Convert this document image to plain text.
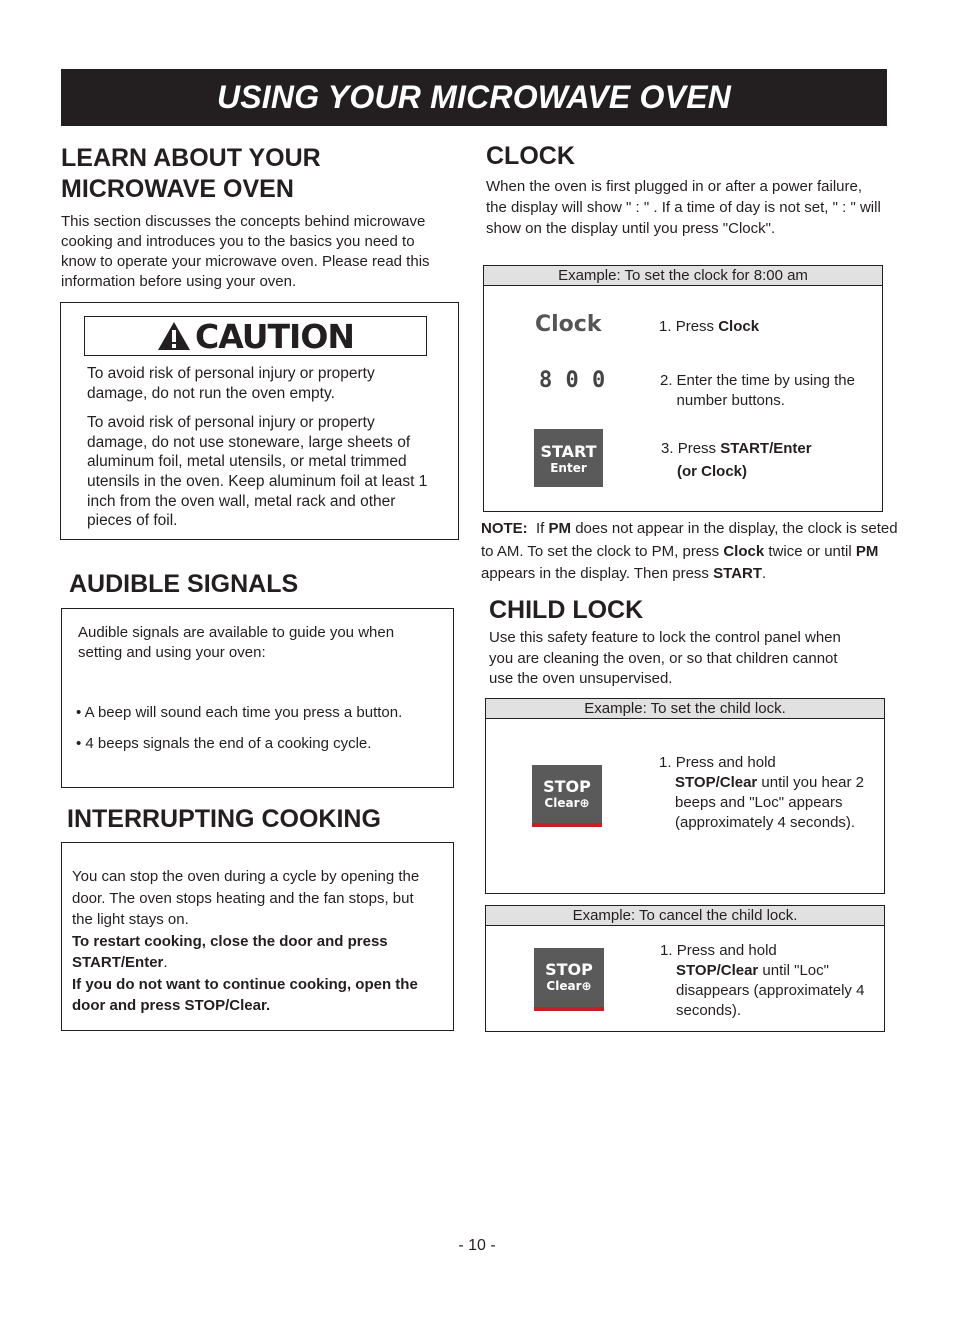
USING YOUR MICROWAVE OVEN
LEARN ABOUT YOUR
MICROWAVE OVEN
This section discusses the concepts behind microwave cooking and introduces you to the basics you need to know to operate your microwave oven. Please read this information before using your oven.
CAUTION
To avoid risk of personal injury or property damage, do not run the oven empty.
To avoid risk of personal injury or property damage, do not use stoneware, large sheets of aluminum foil, metal utensils, or metal trimmed utensils in the oven. Keep aluminum foil at least 1 inch from the oven wall, metal rack and other pieces of foil.
AUDIBLE SIGNALS
Audible signals are available to guide you when setting and using your oven:
• A beep will sound each time you press a button.
• 4 beeps signals the end of a cooking cycle.
INTERRUPTING COOKING
You can stop the oven during a cycle by opening the door. The oven stops heating and the fan stops, but the light stays on.
To restart cooking, close the door and press START/Enter.
If you do not want to continue cooking, open the door and press STOP/Clear.
CLOCK
When the oven is first plugged in or after a power failure, the display will show " : " . If a time of day is not set, " : " will show on the display until you press "Clock".
Example: To set the clock for 8:00 am
Clock
8 0 0
START
Enter
1. Press Clock
2. Enter the time by using the number buttons.
3. Press START/Enter
(or Clock)
NOTE: If PM does not appear in the display, the clock is seted to AM. To set the clock to PM, press Clock twice or until PM appears in the display. Then press START.
CHILD LOCK
Use this safety feature to lock the control panel when you are cleaning the oven, or so that children cannot use the oven unsupervised.
Example: To set the child lock.
STOP
Clear⊕
1. Press and hold
STOP/Clear until you hear 2 beeps and "Loc" appears (approximately 4 seconds).
Example: To cancel the child lock.
STOP
Clear⊕
1. Press and hold
STOP/Clear until "Loc" disappears (approximately 4 seconds).
- 10 -
